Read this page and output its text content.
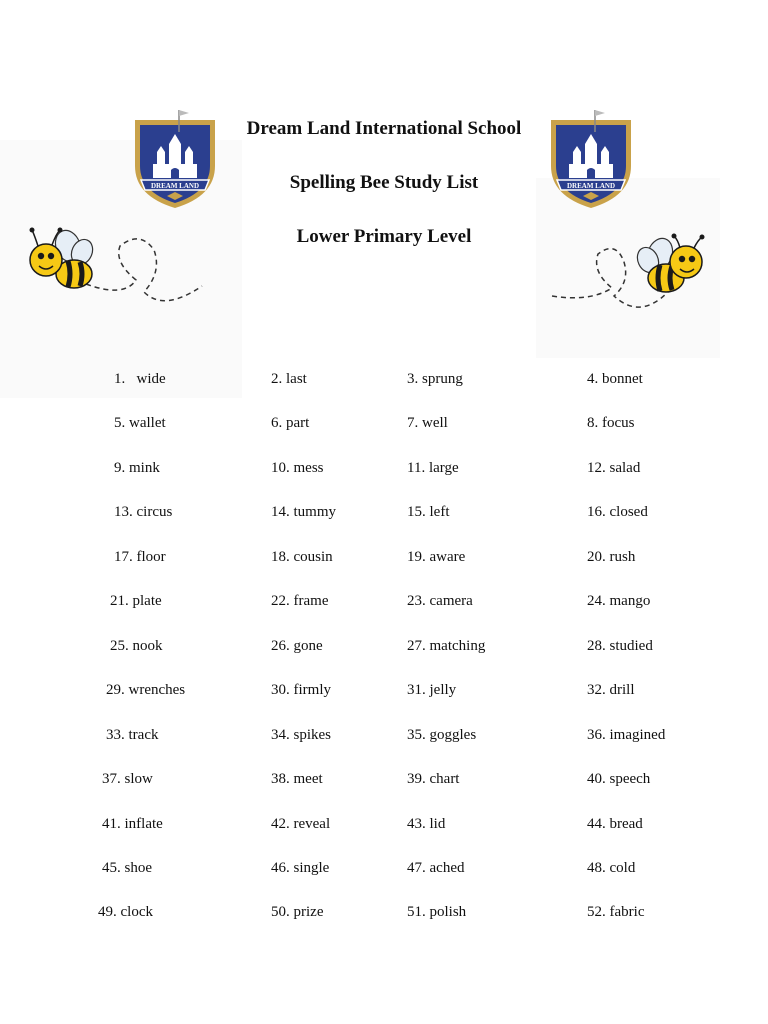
Dream Land International School
Spelling Bee Study List
Lower Primary Level
DREAM LAND	DREAM LAND
1.   wide	2. last	3. sprung	4. bonnet
5. wallet	6. part	7. well	8. focus
9. mink	10. mess	11. large	12. salad
13. circus	14. tummy	15. left	16. closed
17. floor	18. cousin	19. aware	20. rush
21. plate	22. frame	23. camera	24. mango
25. nook	26. gone	27. matching	28. studied
29. wrenches	30. firmly	31. jelly	32. drill
33. track	34. spikes	35. goggles	36. imagined
37. slow	38. meet	39. chart	40. speech
41. inflate	42. reveal	43. lid	44. bread
45. shoe	46. single	47. ached	48. cold
49. clock	50. prize	51. polish	52. fabric
